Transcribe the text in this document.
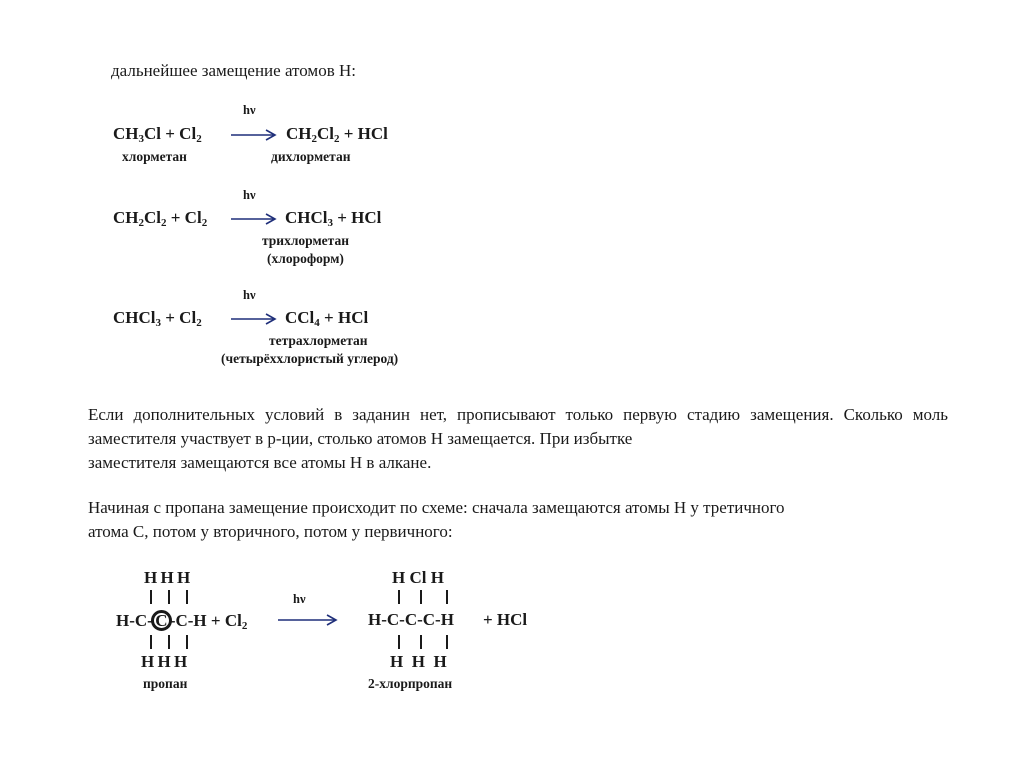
дальнейшее замещение атомов Н:
hν
$CH_3Cl + Cl_2 \to CH_2Cl_2$ + HCl
хлорметан	дихлорметан
hν
$CH_2Cl_2 + Cl_2$ → CHCl$_3$ + HCl
трихлорметан
(хлороформ)
hν
CHCl$_3$ + $Cl_2 \to CCl_4$ + HCl
тетрахлорметан
(четырёххлористый углерод)
Если дополнительных условий в заданин нет, прописывают только первую стадию замещения. Сколько моль заместителя участвует в р-ции, столько атомов Н замещается. При избытке
заместителя замещаются все атомы Н в алкане.
Начиная с пропана замещение происходит по схеме: сначала замещаются атомы Н у третичного
атома С, потом у вторичного, потом у первичного:
Н Н Н
Н-С- С $-С-Н + Cl_2$
Н Н Н
пропан
hν
Н Cl Н
Н-С-С-С-Н + HCl
Н  Н  Н
2-хлорпропан
